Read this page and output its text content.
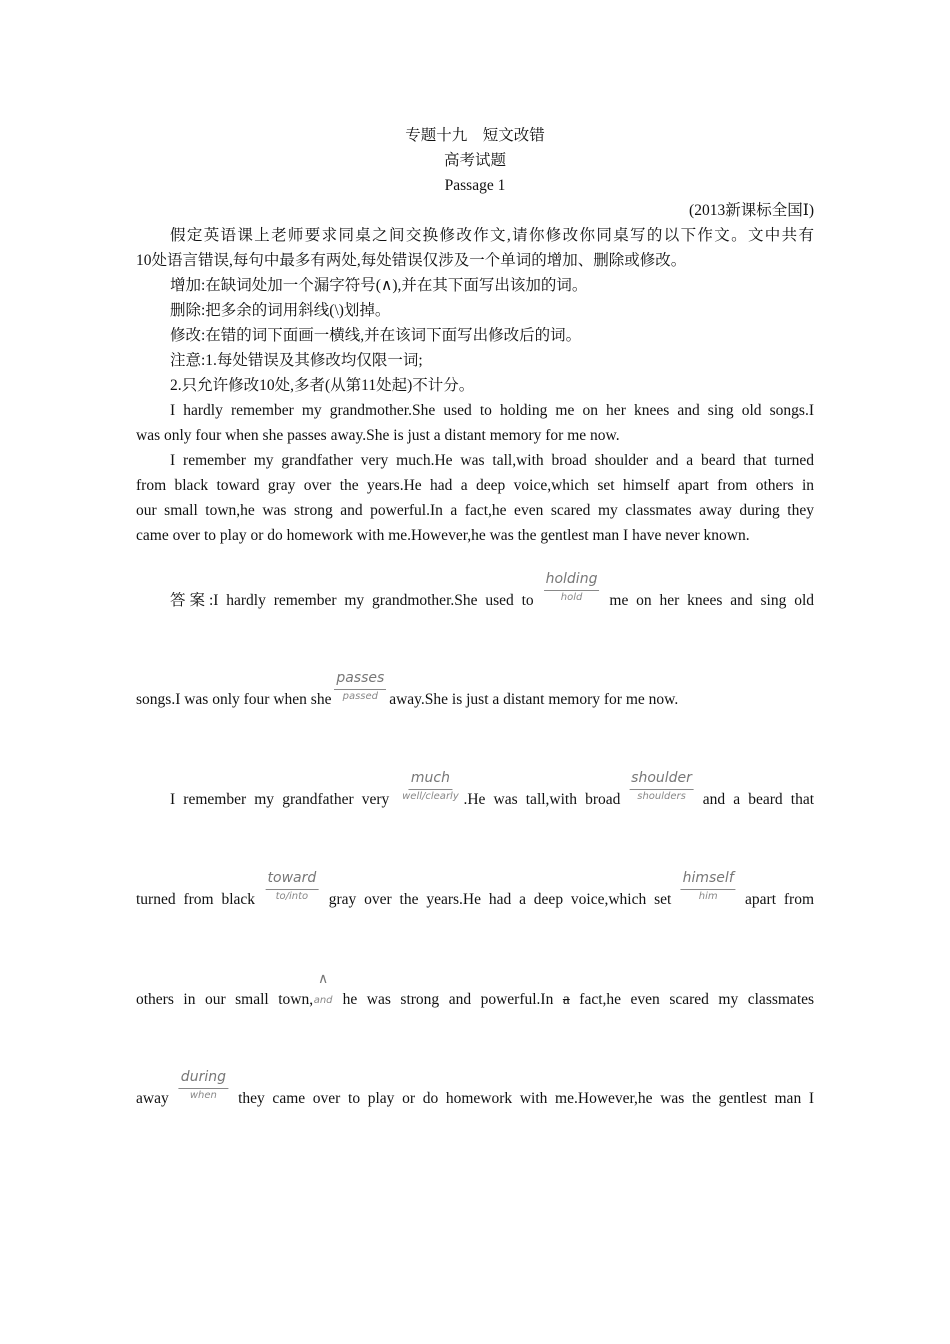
专题十九　短文改错
高考试题
Passage 1
(2013新课标全国Ⅰ)
假定英语课上老师要求同桌之间交换修改作文,请你修改你同桌写的以下作文。文中共有
10处语言错误,每句中最多有两处,每处错误仅涉及一个单词的增加、删除或修改。
增加:在缺词处加一个漏字符号(∧),并在其下面写出该加的词。
删除:把多余的词用斜线(\)划掉。
修改:在错的词下面画一横线,并在该词下面写出修改后的词。
注意:1.每处错误及其修改均仅限一词;
2.只允许修改10处,多者(从第11处起)不计分。
I hardly remember my grandmother.She used to holding me on her knees and sing old songs.I
was only four when she passes away.She is just a distant memory for me now.
I remember my grandfather very much.He was tall,with broad shoulder and a beard that turned
from black toward gray over the years.He had a deep voice,which set himself apart from others in
our small town,he was strong and powerful.In a fact,he even scared my classmates away during they
came over to play or do homework with me.However,he was the gentlest man I have never known.
答案:I hardly remember my grandmother.She used to
holding
hold me on her knees and sing old
songs.I was only four when she
passes
passed away.She is just a distant memory for me now.
I remember my grandfather very
much
well/clearly .He was tall,with broad
shoulder
shoulders and a beard that
turned from black
toward
to/into gray over the years.He had a deep voice,which set
himself
him apart from
others in our small town,
∧
and he was strong and powerful.In a fact,he even scared my classmates
away
during
when they came over to play or do homework with me.However,he was the gentlest man I
